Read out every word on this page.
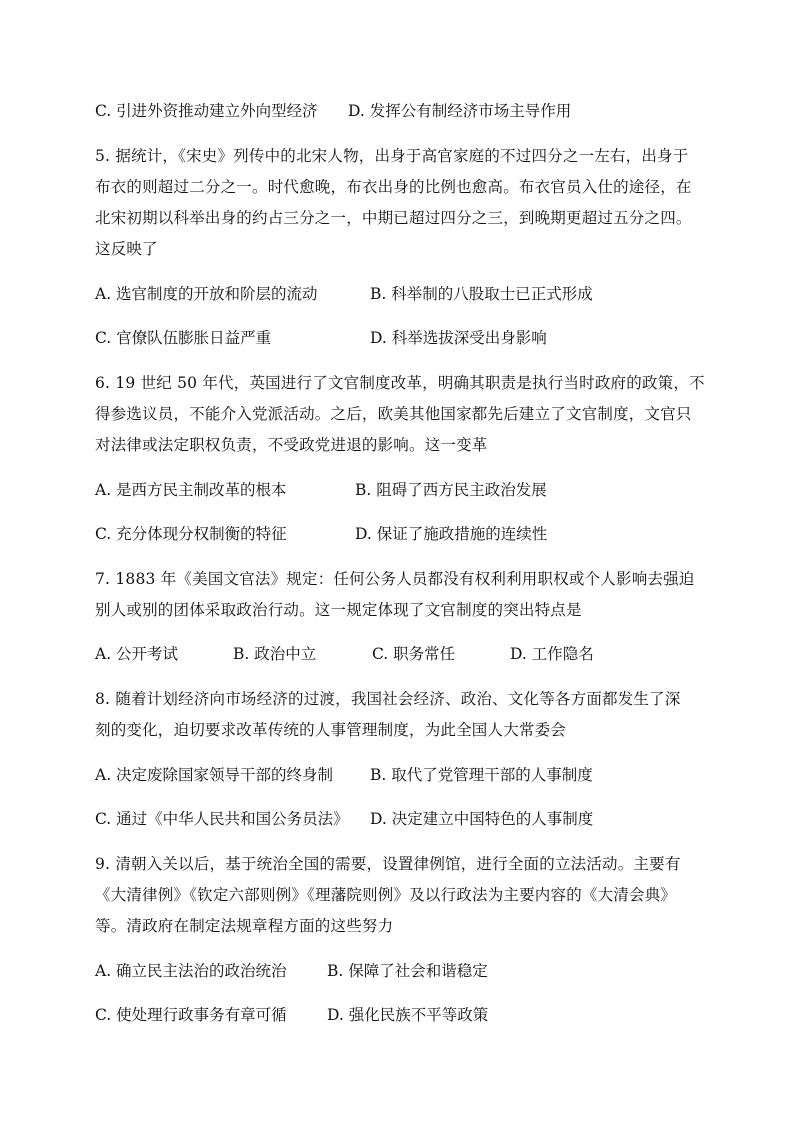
C. 引进外资推动建立外向型经济 D. 发挥公有制经济市场主导作用
5. 据统计，《宋史》列传中的北宋人物，出身于高官家庭的不过四分之一左右，出身于
布衣的则超过二分之一。时代愈晚，布衣出身的比例也愈高。布衣官员入仕的途径，在
北宋初期以科举出身的约占三分之一，中期已超过四分之三，到晚期更超过五分之四。
这反映了
A. 选官制度的开放和阶层的流动	B. 科举制的八股取士已正式形成
C. 官僚队伍膨胀日益严重	D. 科举选拔深受出身影响
6. 19 世纪 50 年代，英国进行了文官制度改革，明确其职责是执行当时政府的政策，不
得参选议员，不能介入党派活动。之后，欧美其他国家都先后建立了文官制度，文官只
对法律或法定职权负责，不受政党进退的影响。这一变革
A. 是西方民主制改革的根本	B. 阻碍了西方民主政治发展
C. 充分体现分权制衡的特征	D. 保证了施政措施的连续性
7. 1883 年《美国文官法》规定：任何公务人员都没有权利利用职权或个人影响去强迫
别人或别的团体采取政治行动。这一规定体现了文官制度的突出特点是
A. 公开考试	B. 政治中立	C. 职务常任	D. 工作隐名
8. 随着计划经济向市场经济的过渡，我国社会经济、政治、文化等各方面都发生了深
刻的变化，迫切要求改革传统的人事管理制度，为此全国人大常委会
A. 决定废除国家领导干部的终身制 B. 取代了党管理干部的人事制度
C. 通过《中华人民共和国公务员法》 D. 决定建立中国特色的人事制度
9. 清朝入关以后，基于统治全国的需要，设置律例馆，进行全面的立法活动。主要有
《大清律例》《钦定六部则例》《理藩院则例》及以行政法为主要内容的《大清会典》
等。清政府在制定法规章程方面的这些努力
A. 确立民主法治的政治统治	B. 保障了社会和谐稳定
C. 使处理行政事务有章可循	D. 强化民族不平等政策
